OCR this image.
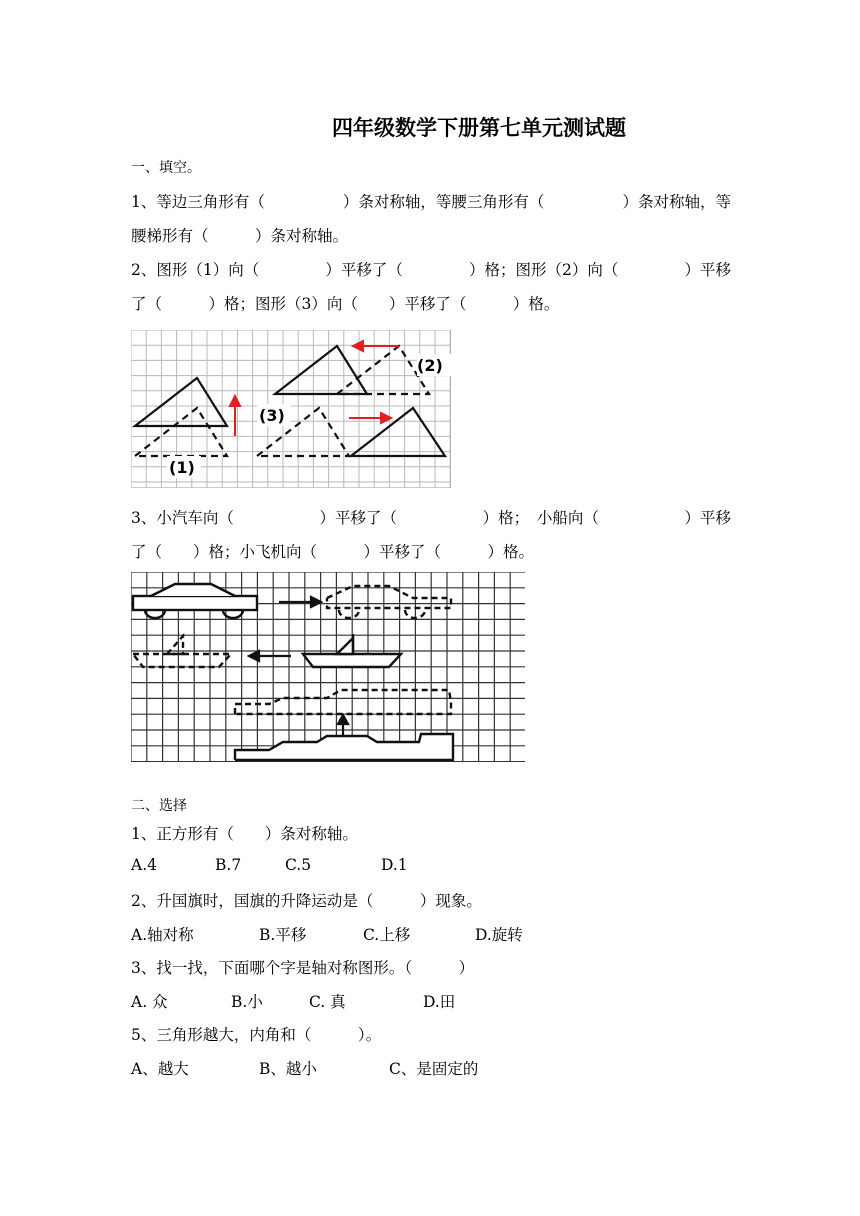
四年级数学下册第七单元测试题
一、填空。
1、等边三角形有（	）条对称轴，等腰三角形有（	）条对称轴，等
腰梯形有（　　　）条对称轴。
2、图形（1）向（	）平移了（	）格；图形（2）向（	）平移
了（　　　）格；图形（3）向（　　）平移了（　　　）格。
(1)
(2)
(3)
3、小汽车向（	）平移了（	）格；　小船向（	）平移
了（　　）格；小飞机向（　　　）平移了（　　　）格。
二、选择
1、正方形有（　　）条对称轴。
A.4	B.7	C.5	D.1
2、升国旗时，国旗的升降运动是（　　　）现象。
A.轴对称	B.平移	C.上移	D.旋转
3、找一找，下面哪个字是轴对称图形。（　　　）
A. 众	B.小	C. 真	D.田
5、三角形越大，内角和（　　　）。
A、越大	B、越小	C、是固定的
